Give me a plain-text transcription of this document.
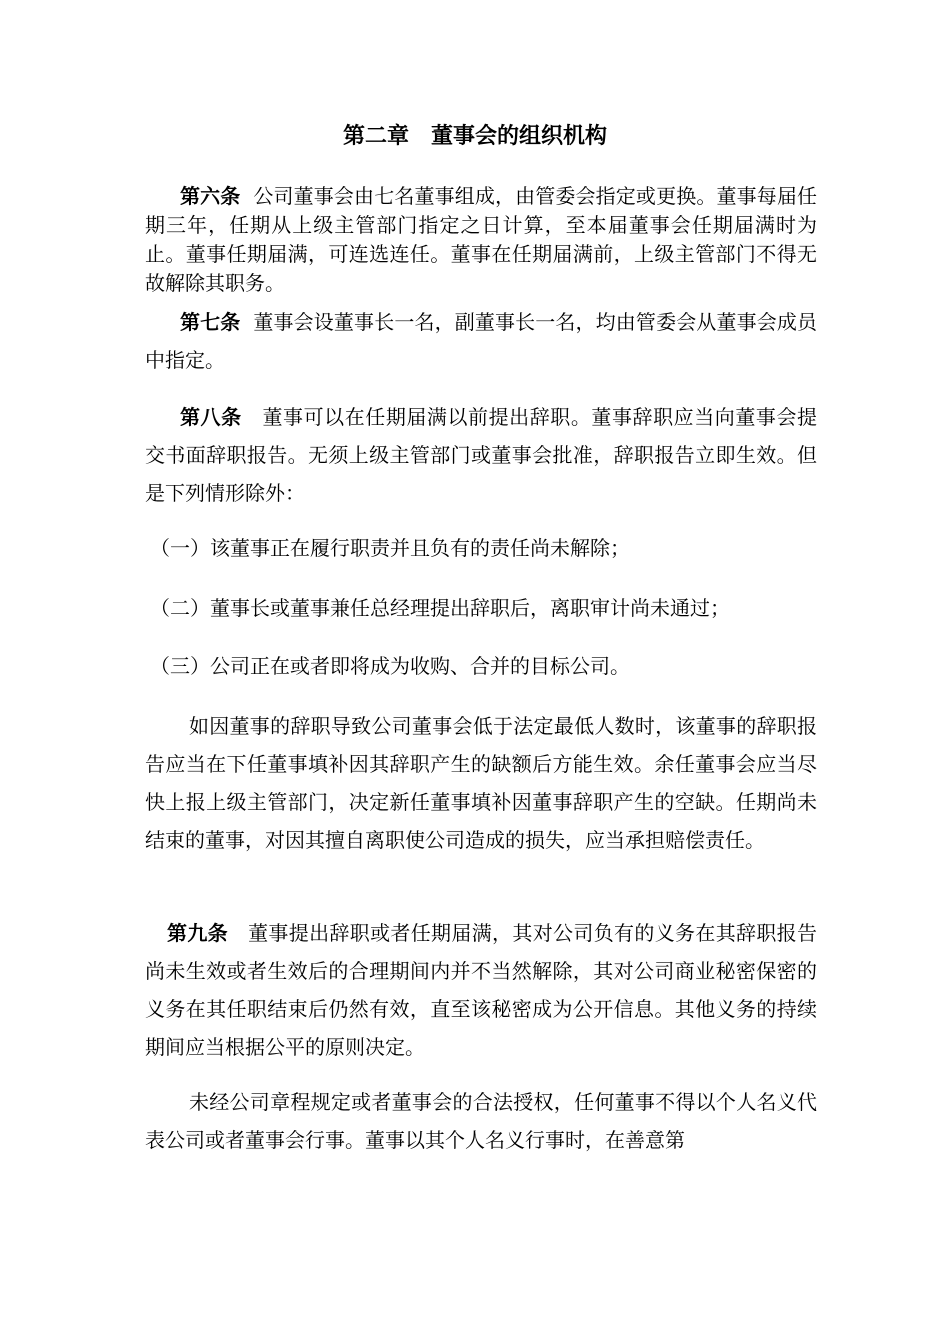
第二章　董事会的组织机构
第六条 公司董事会由七名董事组成，由管委会指定或更换。董事每届任期三年，任期从上级主管部门指定之日计算，至本届董事会任期届满时为止。董事任期届满，可连选连任。董事在任期届满前，上级主管部门不得无故解除其职务。
第七条 董事会设董事长一名，副董事长一名，均由管委会从董事会成员中指定。
第八条 董事可以在任期届满以前提出辞职。董事辞职应当向董事会提交书面辞职报告。无须上级主管部门或董事会批准，辞职报告立即生效。但是下列情形除外：
（一）该董事正在履行职责并且负有的责任尚未解除；
（二）董事长或董事兼任总经理提出辞职后，离职审计尚未通过；
（三）公司正在或者即将成为收购、合并的目标公司。
如因董事的辞职导致公司董事会低于法定最低人数时，该董事的辞职报告应当在下任董事填补因其辞职产生的缺额后方能生效。余任董事会应当尽快上报上级主管部门，决定新任董事填补因董事辞职产生的空缺。任期尚未结束的董事，对因其擅自离职使公司造成的损失，应当承担赔偿责任。
第九条 董事提出辞职或者任期届满，其对公司负有的义务在其辞职报告尚未生效或者生效后的合理期间内并不当然解除，其对公司商业秘密保密的义务在其任职结束后仍然有效，直至该秘密成为公开信息。其他义务的持续期间应当根据公平的原则决定。
未经公司章程规定或者董事会的合法授权，任何董事不得以个人名义代表公司或者董事会行事。董事以其个人名义行事时，在善意第
